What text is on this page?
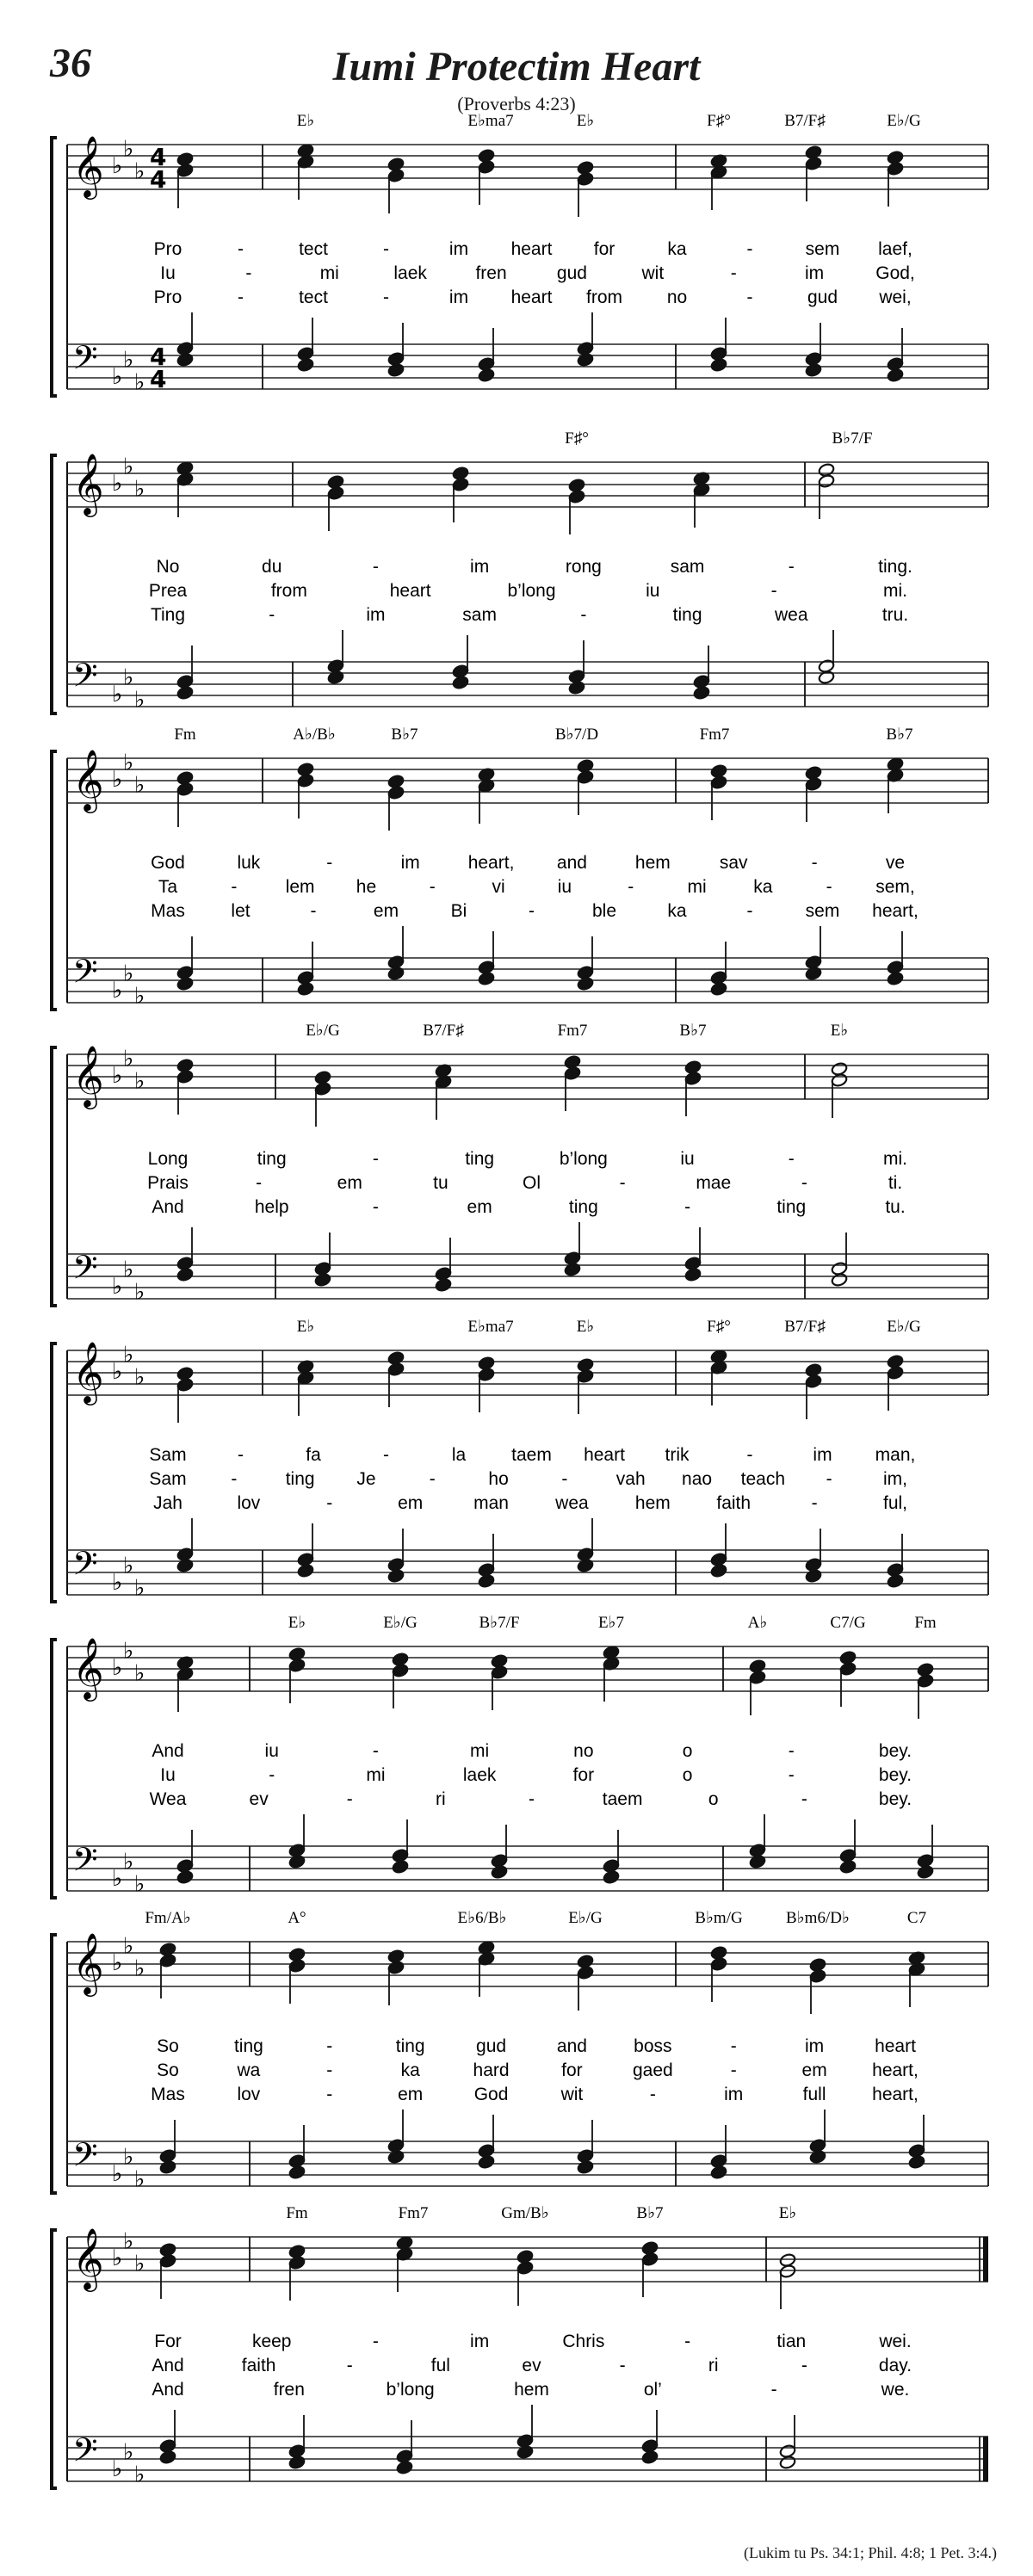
36	Iumi Protectim Heart
(Proverbs 4:23)
𝄞
𝄢
♭
♭
♭
♭
♭
♭
4
4
4
4
E♭	E♭ma7	E♭	F♯°	B7/F♯	E♭/G
Pro	-	tect	-	im heart for	ka	-	sem laef,
Iu	-	mi	laek	fren	gud	wit	-	im	God,
Pro	-	tect	-	im heart from no	-	gud wei,
𝄞
𝄢
♭
♭
♭
♭
♭
♭
F♯°	B♭7/F
No	du	-	im	rong	sam	-	ting.
Prea	from	heart	b’long	iu	-	mi.
Ting	-	im	sam	-	ting	wea	tru.
𝄞
𝄢
♭
♭
♭
♭
♭
♭
Fm	A♭/B♭	B♭7	B♭7/D	Fm7	B♭7
God	luk	-	im	heart, and	hem	sav	-	ve
Ta	-	lem he	-	vi	iu	-	mi	ka	- sem,
Mas	let	-	em	Bi	-	ble	ka	-	sem heart,
𝄞
𝄢
♭
♭
♭
♭
♭
♭
E♭/G	B7/F♯	Fm7	B♭7	E♭
Long	ting	-	ting	b’long	iu	-	mi.
Prais	-	em	tu	Ol	-	mae	-	ti.
And	help	-	em	ting	-	ting	tu.
𝄞
𝄢
♭
♭
♭
♭
♭
♭
E♭	E♭ma7	E♭	F♯°	B7/F♯	E♭/G
Sam	-	fa	-	la	taem heart trik	-	im man,
Sam -	ting Je	-	ho	-	vah nao teach -	im,
Jah	lov	-	em	man	wea	hem	faith	-	ful,
𝄞
𝄢
♭
♭
♭
♭
♭
♭
E♭	E♭/G	B♭7/F	E♭7	A♭	C7/G	Fm
And	iu	-	mi	no	o	-	bey.
Iu	-	mi	laek	for	o	-	bey.
Wea	ev	-	ri	-	taem	o	-	bey.
𝄞
𝄢
♭
♭
♭
♭
♭
♭
Fm/A♭	A°	E♭6/B♭	E♭/G	B♭m/G	B♭m6/D♭	C7
So	ting	-	ting	gud	and	boss	-	im	heart
So	wa	-	ka	hard	for	gaed	-	em heart,
Mas	lov	-	em	God	wit	-	im	full	heart,
𝄞
𝄢
♭
♭
♭
♭
♭
♭
Fm	Fm7	Gm/B♭	B♭7	E♭
For	keep	-	im	Chris	-	tian	wei.
And	faith	-	ful	ev	-	ri	-	day.
And	fren	b’long	hem	ol’	-	we.
(Lukim tu Ps. 34:1; Phil. 4:8; 1 Pet. 3:4.)
